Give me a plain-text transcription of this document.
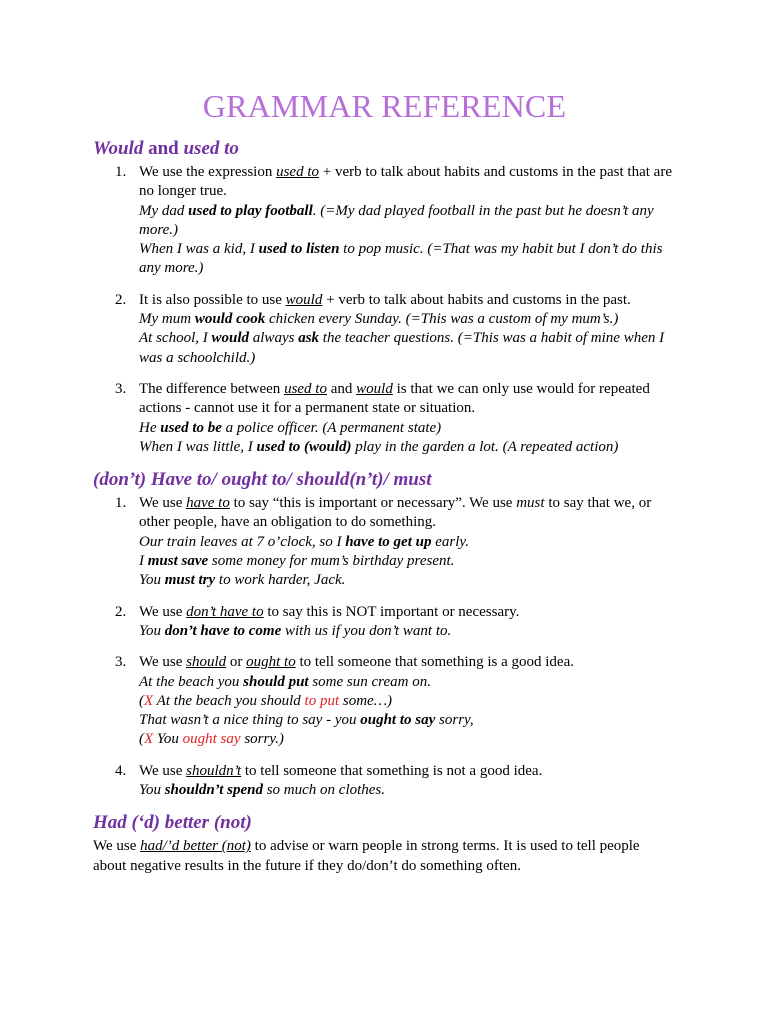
GRAMMAR REFERENCE
Would and used to
1. We use the expression used to + verb to talk about habits and customs in the past that are no longer true.
My dad used to play football. (=My dad played football in the past but he doesn’t any more.)
When I was a kid, I used to listen to pop music. (=That was my habit but I don’t do this any more.)
2. It is also possible to use would + verb to talk about habits and customs in the past.
My mum would cook chicken every Sunday. (=This was a custom of my mum’s.)
At school, I would always ask the teacher questions. (=This was a habit of mine when I was a schoolchild.)
3. The difference between used to and would is that we can only use would for repeated actions - cannot use it for a permanent state or situation.
He used to be a police officer. (A permanent state)
When I was little, I used to (would) play in the garden a lot. (A repeated action)
(don’t) Have to/ ought to/ should(n’t)/ must
1. We use have to to say “this is important or necessary”. We use must to say that we, or other people, have an obligation to do something.
Our train leaves at 7 o’clock, so I have to get up early.
I must save some money for mum’s birthday present.
You must try to work harder, Jack.
2. We use don’t have to to say this is NOT important or necessary.
You don’t have to come with us if you don’t want to.
3. We use should or ought to to tell someone that something is a good idea.
At the beach you should put some sun cream on.
(X At the beach you should to put some…)
That wasn’t a nice thing to say - you ought to say sorry,
(X You ought say sorry.)
4. We use shouldn’t to tell someone that something is not a good idea.
You shouldn’t spend so much on clothes.
Had (‘d) better (not)

We use had/’d better (not) to advise or warn people in strong terms. It is used to tell people about negative results in the future if they do/don’t do something often.
